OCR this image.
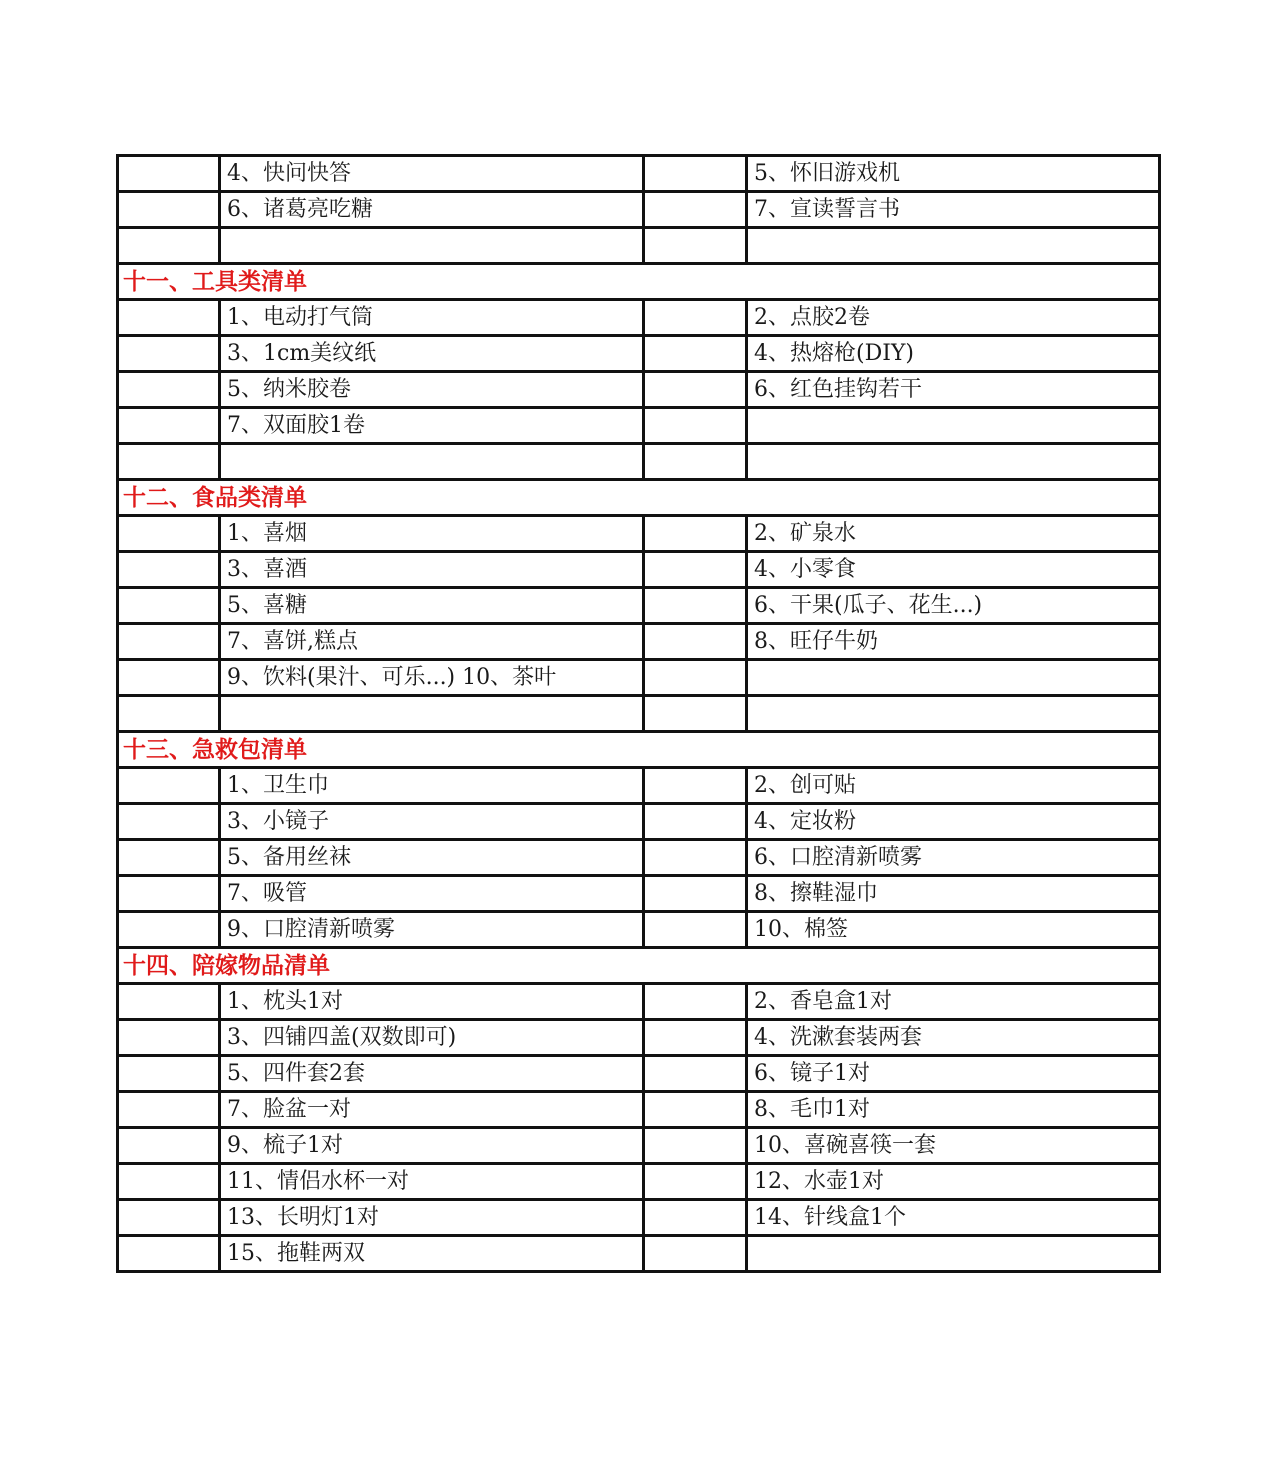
	4、快问快答		5、怀旧游戏机
	6、诸葛亮吃糖		7、宣读誓言书

十一、工具类清单			
	1、电动打气筒		2、点胶2卷
	3、1cm美纹纸		4、热熔枪(DIY)
	5、纳米胶卷		6、红色挂钩若干
	7、双面胶1卷		

十二、食品类清单			
	1、喜烟		2、矿泉水
	3、喜酒		4、小零食
	5、喜糖		6、干果(瓜子、花生...)
	7、喜饼,糕点		8、旺仔牛奶
	9、饮料(果汁、可乐...) 10、茶叶		

十三、急救包清单			
	1、卫生巾		2、创可贴
	3、小镜子		4、定妆粉
	5、备用丝袜		6、口腔清新喷雾
	7、吸管		8、擦鞋湿巾
	9、口腔清新喷雾		10、棉签
十四、陪嫁物品清单			
	1、枕头1对		2、香皂盒1对
	3、四铺四盖(双数即可)		4、洗漱套装两套
	5、四件套2套		6、镜子1对
	7、脸盆一对		8、毛巾1对
	9、梳子1对		10、喜碗喜筷一套
	11、情侣水杯一对		12、水壶1对
	13、长明灯1对		14、针线盒1个
	15、拖鞋两双		
